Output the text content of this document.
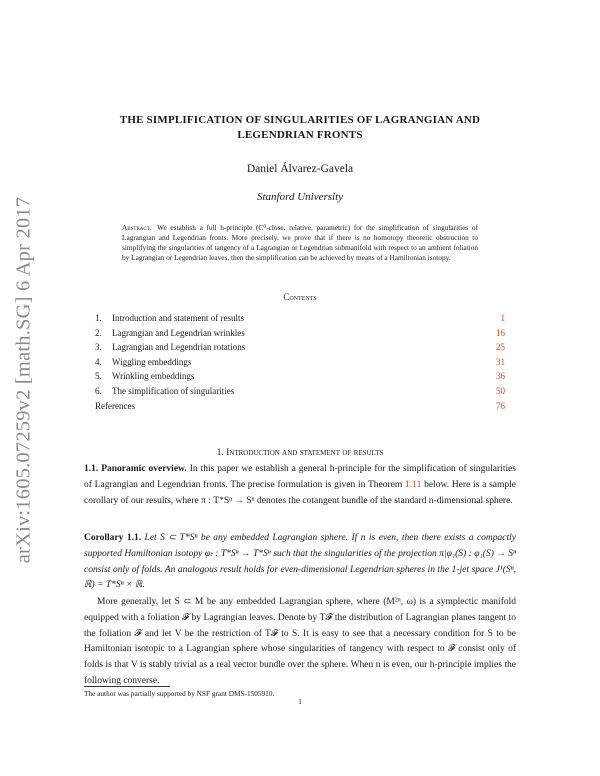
arXiv:1605.07259v2 [math.SG] 6 Apr 2017
THE SIMPLIFICATION OF SINGULARITIES OF LAGRANGIAN AND
LEGENDRIAN FRONTS
Daniel Álvarez-Gavela
Stanford University
Abstract. We establish a full h-principle (C⁰-close, relative, parametric) for the simplification of singularities of Lagrangian and Legendrian fronts. More precisely, we prove that if there is no homotopy theoretic obstruction to simplifying the singularities of tangency of a Lagrangian or Legendrian submanifold with respect to an ambient foliation by Lagrangian or Legendrian leaves, then the simplification can be achieved by means of a Hamiltonian isotopy.
Contents
1. Introduction and statement of results	1
2. Lagrangian and Legendrian wrinkles	16
3. Lagrangian and Legendrian rotations	25
4. Wiggling embeddings	31
5. Wrinkling embeddings	36
6. The simplification of singularities	50
References	76
1. Introduction and statement of results
1.1. Panoramic overview. In this paper we establish a general h-principle for the simplification of singularities of Lagrangian and Legendrian fronts. The precise formulation is given in Theorem 1.11 below. Here is a sample corollary of our results, where π : T*Sⁿ → Sⁿ denotes the cotangent bundle of the standard n-dimensional sphere.
Corollary 1.1. Let S ⊂ T*Sⁿ be any embedded Lagrangian sphere. If n is even, then there exists a compactly supported Hamiltonian isotopy φₜ : T*Sⁿ → T*Sⁿ such that the singularities of the projection π|φ₁(S) : φ₁(S) → Sⁿ consist only of folds. An analogous result holds for even-dimensional Legendrian spheres in the 1-jet space J¹(Sⁿ, ℝ) = T*Sⁿ × ℝ.
More generally, let S ⊂ M be any embedded Lagrangian sphere, where (M²ⁿ, ω) is a symplectic manifold equipped with a foliation 𝓕 by Lagrangian leaves. Denote by T𝓕 the distribution of Lagrangian planes tangent to the foliation 𝓕 and let V be the restriction of T𝓕 to S. It is easy to see that a necessary condition for S to be Hamiltonian isotopic to a Lagrangian sphere whose singularities of tangency with respect to 𝓕 consist only of folds is that V is stably trivial as a real vector bundle over the sphere. When n is even, our h-principle implies the following converse.
The author was partially supported by NSF grant DMS-1505910.
1
